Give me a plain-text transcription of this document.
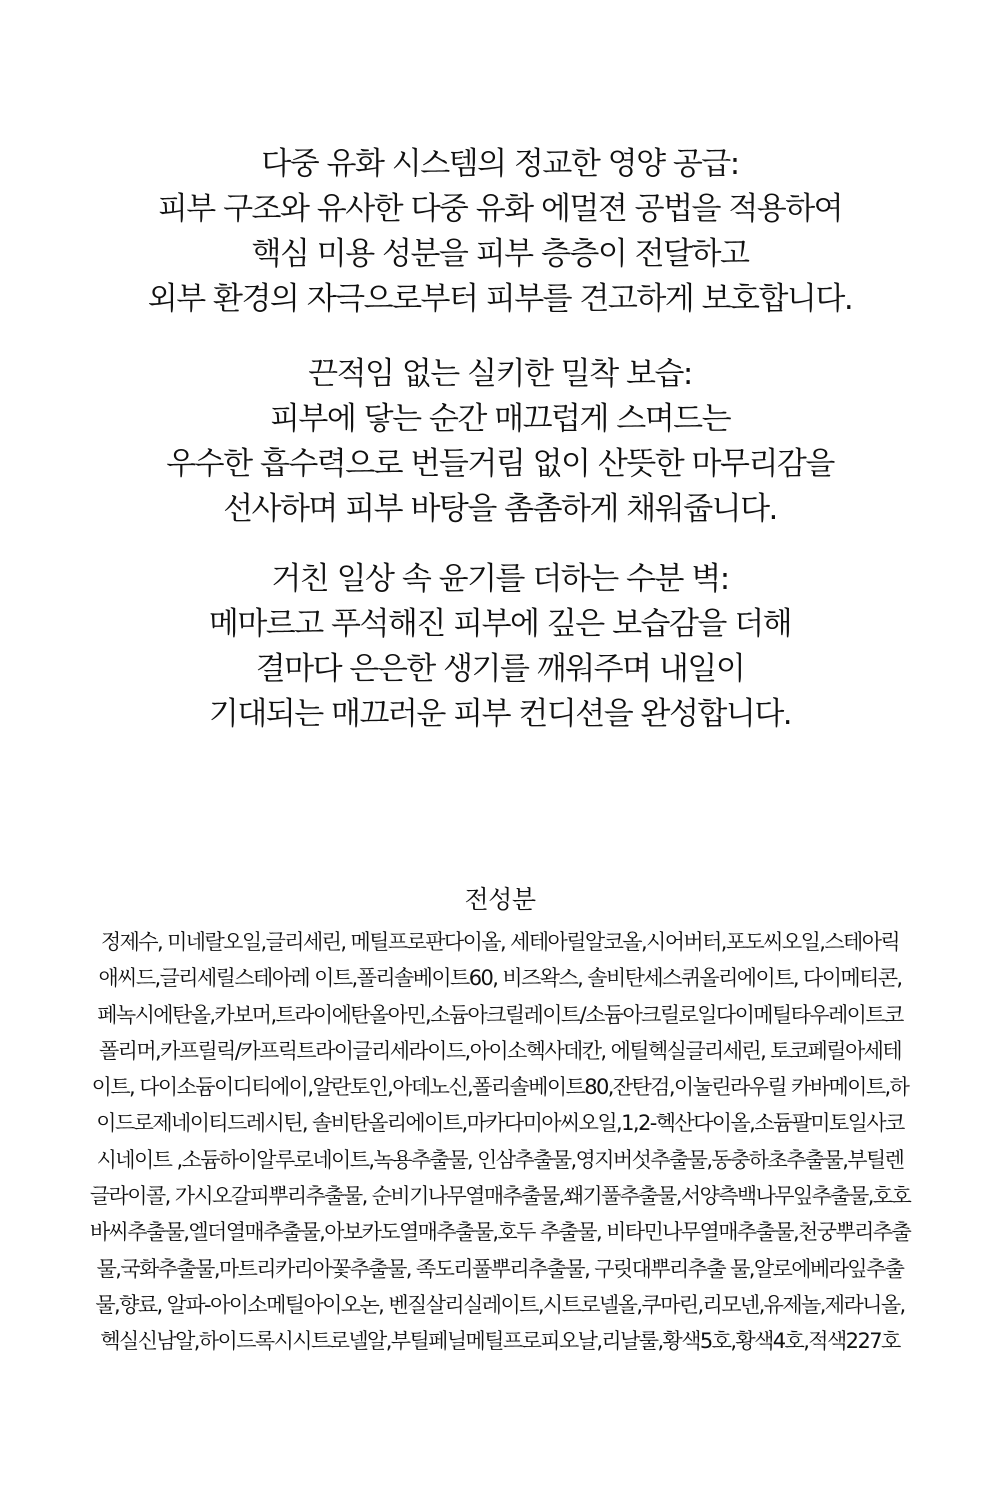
다중 유화 시스템의 정교한 영양 공급:
피부 구조와 유사한 다중 유화 에멀젼 공법을 적용하여
핵심 미용 성분을 피부 층층이 전달하고
외부 환경의 자극으로부터 피부를 견고하게 보호합니다.
끈적임 없는 실키한 밀착 보습:
피부에 닿는 순간 매끄럽게 스며드는
우수한 흡수력으로 번들거림 없이 산뜻한 마무리감을
선사하며 피부 바탕을 촘촘하게 채워줍니다.
거친 일상 속 윤기를 더하는 수분 벽:
메마르고 푸석해진 피부에 깊은 보습감을 더해
결마다 은은한 생기를 깨워주며 내일이
기대되는 매끄러운 피부 컨디션을 완성합니다.
전성분
정제수, 미네랄오일,글리세린, 메틸프로판다이올, 세테아릴알코올,시어버터,포도씨오일,스테아릭
애씨드,글리세릴스테아레 이트,폴리솔베이트60, 비즈왁스, 솔비탄세스퀴올리에이트, 다이메티콘,
페녹시에탄올,카보머,트라이에탄올아민,소듐아크릴레이트/소듐아크릴로일다이메틸타우레이트코
폴리머,카프릴릭/카프릭트라이글리세라이드,아이소헥사데칸, 에틸헥실글리세린, 토코페릴아세테
이트, 다이소듐이디티에이,알란토인,아데노신,폴리솔베이트80,잔탄검,이눌린라우릴 카바메이트,하
이드로제네이티드레시틴, 솔비탄올리에이트,마카다미아씨오일,1,2-헥산다이올,소듐팔미토일사코
시네이트 ,소듐하이알루로네이트,녹용추출물, 인삼추출물,영지버섯추출물,동충하초추출물,부틸렌
글라이콜, 가시오갈피뿌리추출물, 순비기나무열매추출물,쐐기풀추출물,서양측백나무잎추출물,호호
바씨추출물,엘더열매추출물,아보카도열매추출물,호두 추출물, 비타민나무열매추출물,천궁뿌리추출
물,국화추출물,마트리카리아꽃추출물, 족도리풀뿌리추출물, 구릿대뿌리추출 물,알로에베라잎추출
물,향료, 알파-아이소메틸아이오논, 벤질살리실레이트,시트로넬올,쿠마린,리모넨,유제놀,제라니올,
헥실신남알,하이드록시시트로넬알,부틸페닐메틸프로피오날,리날룰,황색5호,황색4호,적색227호
